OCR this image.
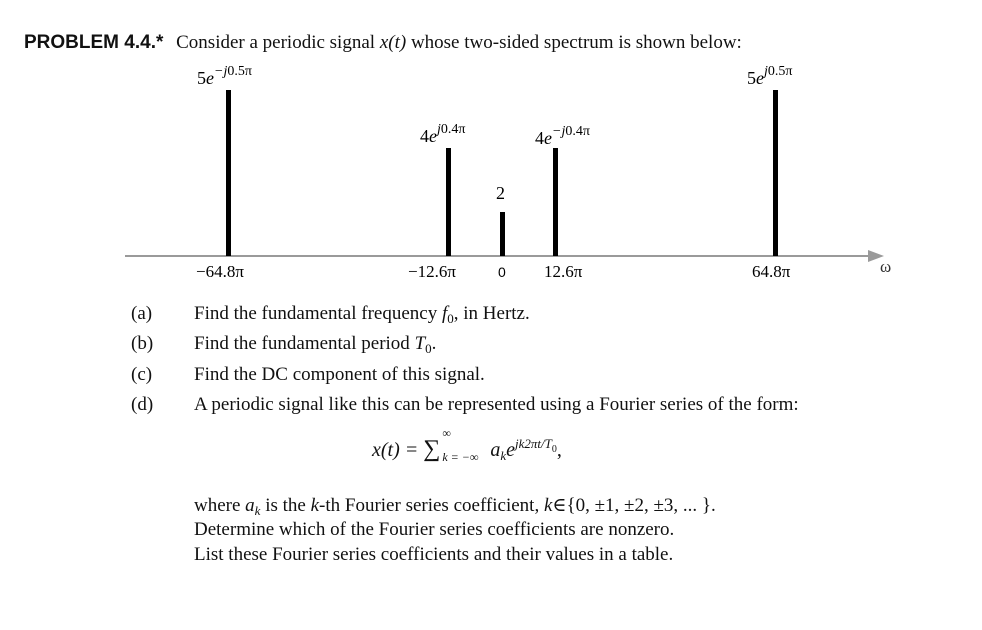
PROBLEM 4.4.* Consider a periodic signal x(t) whose two-sided spectrum is shown below:
ω
$5e^{-j}0.5\pi$
$4e^j0.4\pi$
2
$4e^{-j}0.4\pi$
$5e^j0.5\pi$
−64.8π	−12.6π	0 12.6π	64.8π
(a) Find the fundamental frequency $f_0$, in Hertz.
(b) Find the fundamental period $T_0$.
(c) Find the DC component of this signal.
(d) A periodic signal like this can be represented using a Fourier series of the form:
x(t) = ∑
∞
k = −∞ $a_ke^{jk2\pi t/T0}$,
where $a_k$ is the k-th Fourier series coefficient, k∈{0, ±1, ±2, ±3, ... }.
Determine which of the Fourier series coefficients are nonzero.
List these Fourier series coefficients and their values in a table.
